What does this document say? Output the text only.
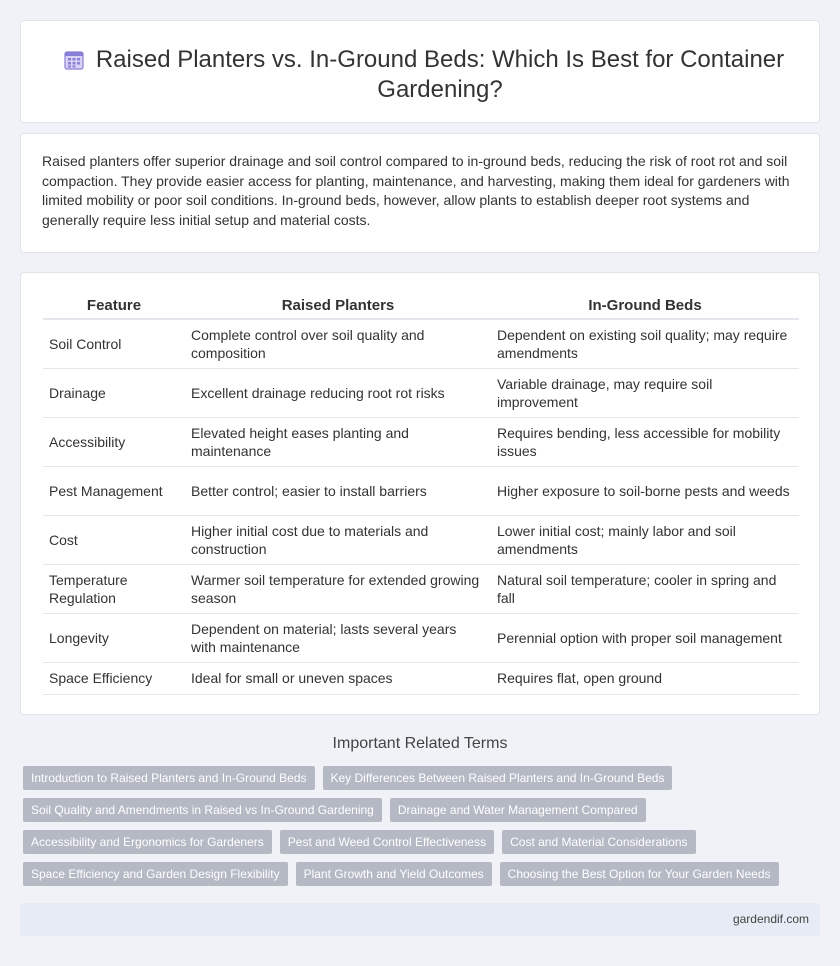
Raised Planters vs. In-Ground Beds: Which Is Best for Container Gardening?

Raised planters offer superior drainage and soil control compared to in-ground beds, reducing the risk of root rot and soil compaction. They provide easier access for planting, maintenance, and harvesting, making them ideal for gardeners with limited mobility or poor soil conditions. In-ground beds, however, allow plants to establish deeper root systems and generally require less initial setup and material costs.

Feature	Raised Planters	In-Ground Beds
Soil Control	Complete control over soil quality and composition	Dependent on existing soil quality; may require amendments
Drainage	Excellent drainage reducing root rot risks	Variable drainage, may require soil improvement
Accessibility	Elevated height eases planting and maintenance	Requires bending, less accessible for mobility issues
Pest Management	Better control; easier to install barriers	Higher exposure to soil-borne pests and weeds
Cost	Higher initial cost due to materials and construction	Lower initial cost; mainly labor and soil amendments
Temperature Regulation	Warmer soil temperature for extended growing season	Natural soil temperature; cooler in spring and fall
Longevity	Dependent on material; lasts several years with maintenance	Perennial option with proper soil management
Space Efficiency	Ideal for small or uneven spaces	Requires flat, open ground
Important Related Terms
Introduction to Raised Planters and In-Ground Beds	Key Differences Between Raised Planters and In-Ground Beds
Soil Quality and Amendments in Raised vs In-Ground Gardening	Drainage and Water Management Compared
Accessibility and Ergonomics for Gardeners	Pest and Weed Control Effectiveness	Cost and Material Considerations
Space Efficiency and Garden Design Flexibility	Plant Growth and Yield Outcomes	Choosing the Best Option for Your Garden Needs
gardendif.com
